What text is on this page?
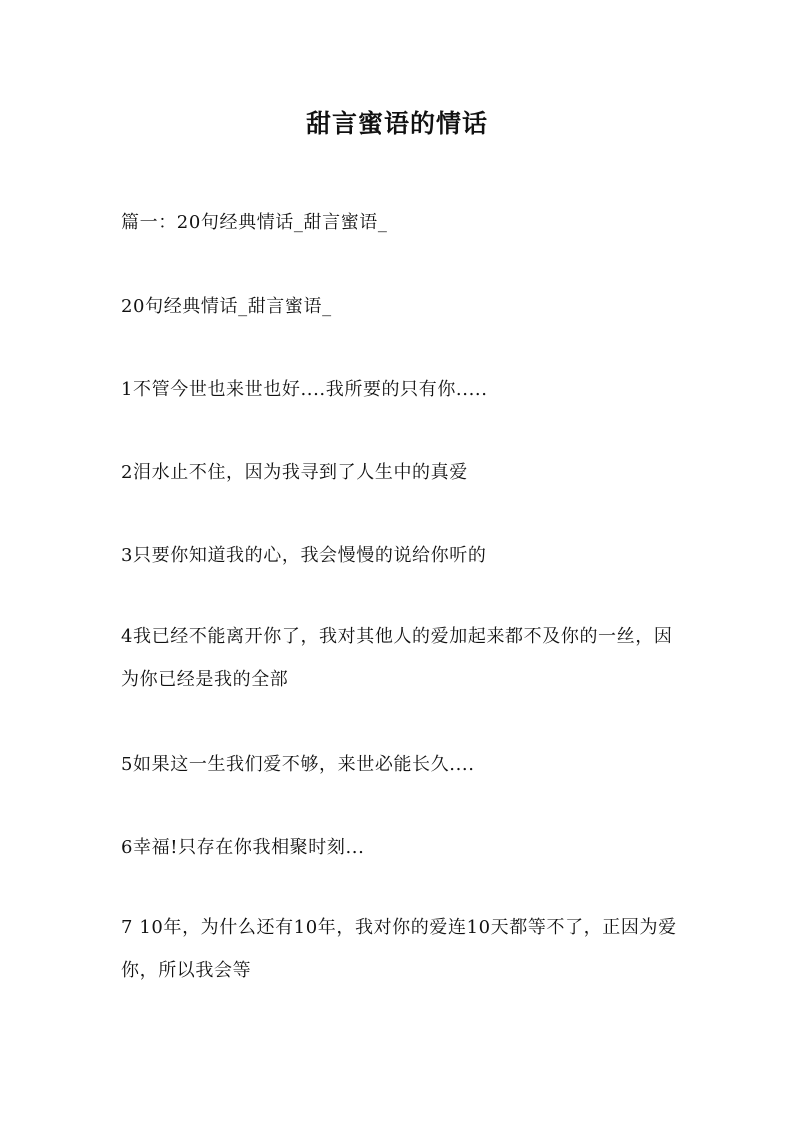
甜言蜜语的情话

篇一：20句经典情话_甜言蜜语_

20句经典情话_甜言蜜语_

1不管今世也来世也好....我所要的只有你.....

2泪水止不住，因为我寻到了人生中的真爱

3只要你知道我的心，我会慢慢的说给你听的

4我已经不能离开你了，我对其他人的爱加起来都不及你的一丝，因为你已经是我的全部

5如果这一生我们爱不够，来世必能长久....

6幸福!只存在你我相聚时刻...

7 10年，为什么还有10年，我对你的爱连10天都等不了，正因为爱你，所以我会等
